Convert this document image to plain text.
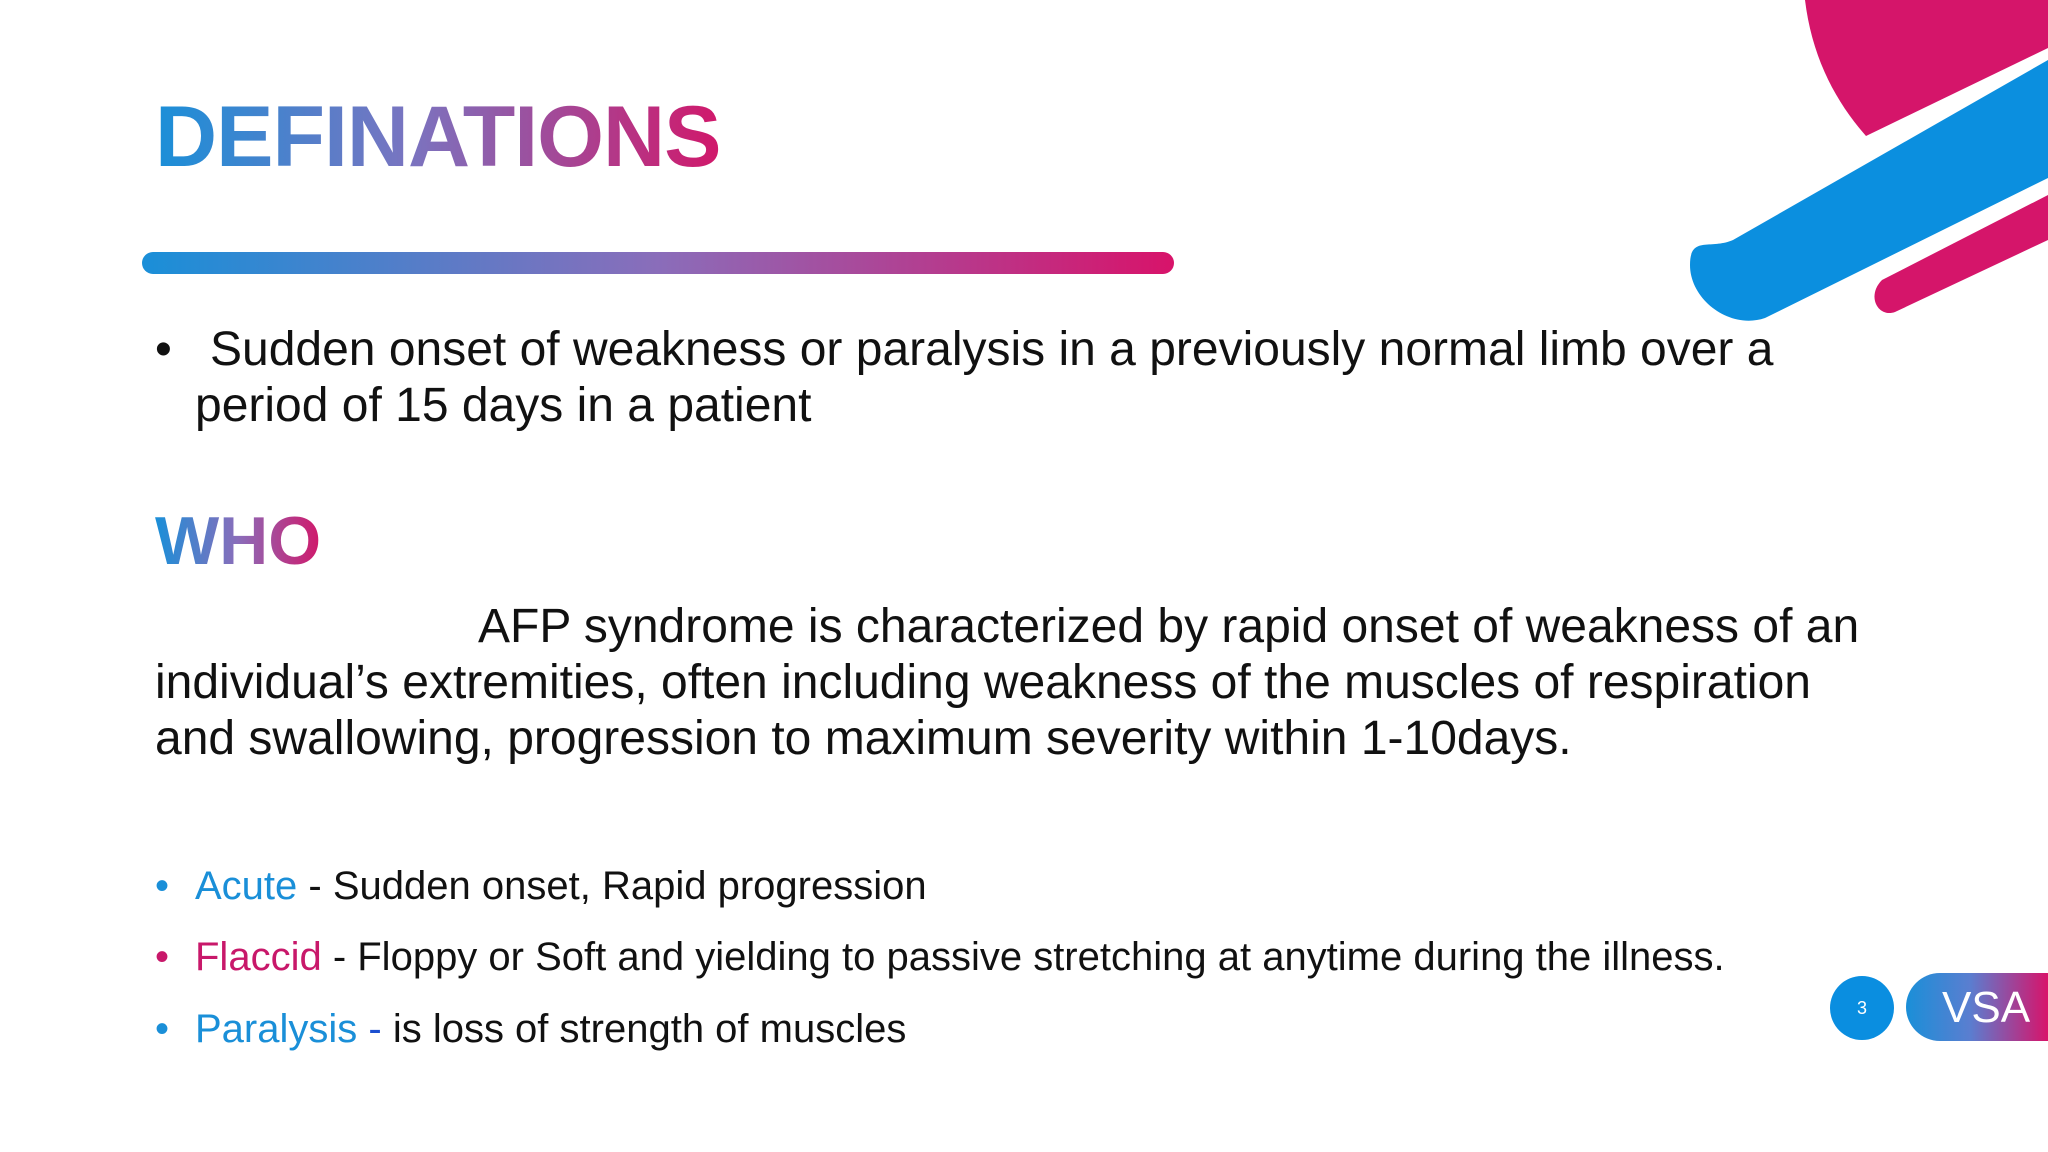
DEFINATIONS
• Sudden onset of weakness or paralysis in a previously normal limb over a
period of 15 days in a patient
WHO
AFP syndrome is characterized by rapid onset of weakness of an
individual’s extremities, often including weakness of the muscles of respiration
and swallowing, progression to maximum severity within 1-10days.
• Acute - Sudden onset, Rapid progression
• Flaccid - Floppy or Soft and yielding to passive stretching at anytime during the illness.
• Paralysis - is loss of strength of muscles	3	VSA
